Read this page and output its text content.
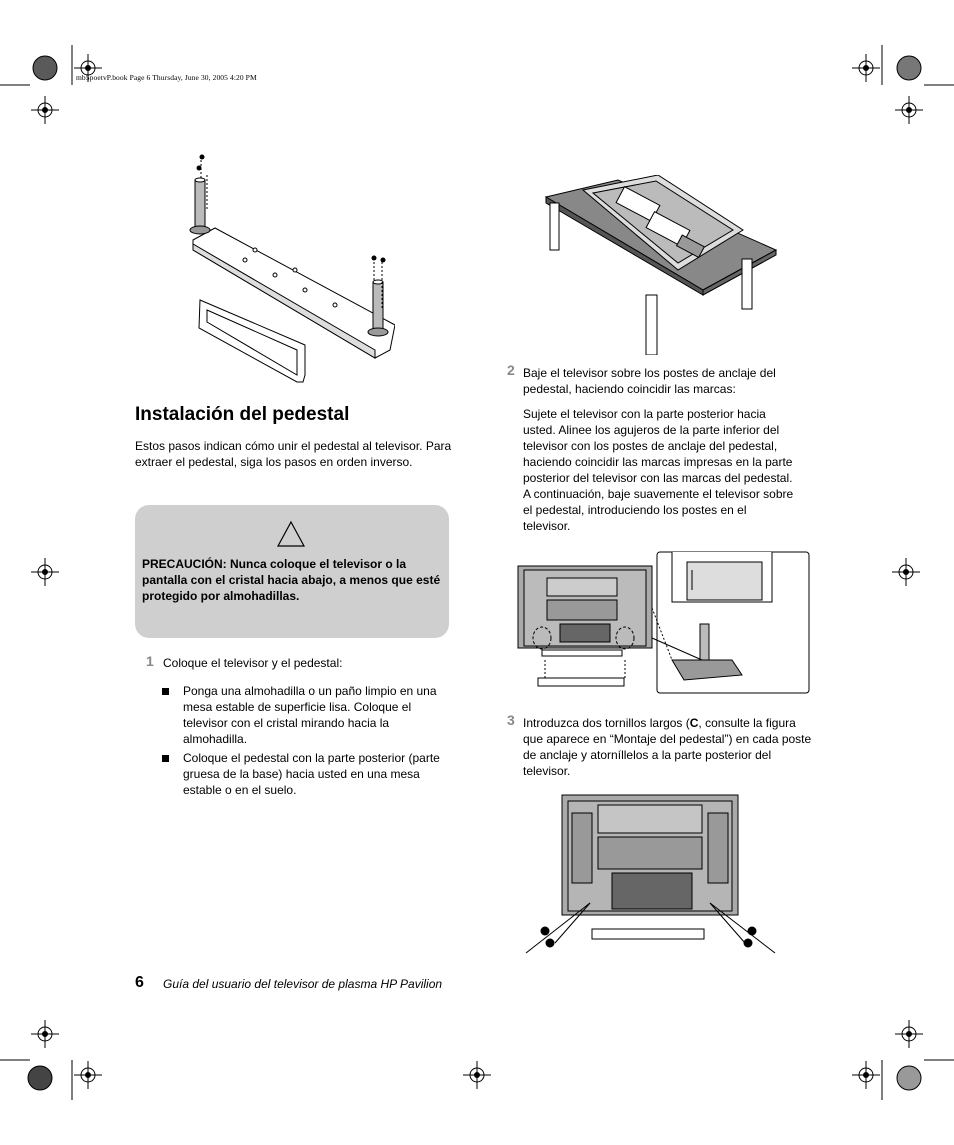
mb5poetvP.book Page 6 Thursday, June 30, 2005 4:20 PM
Instalación del pedestal
Estos pasos indican cómo unir el pedestal al televisor. Para extraer el pedestal, siga los pasos en orden inverso.
PRECAUCIÓN: Nunca coloque el televisor o la pantalla con el cristal hacia abajo, a menos que esté protegido por almohadillas.
1 Coloque el televisor y el pedestal:
Ponga una almohadilla o un paño limpio en una mesa estable de superficie lisa. Coloque el televisor con el cristal mirando hacia la almohadilla.
Coloque el pedestal con la parte posterior (parte gruesa de la base) hacia usted en una mesa estable o en el suelo.
2 Baje el televisor sobre los postes de anclaje del pedestal, haciendo coincidir las marcas:
Sujete el televisor con la parte posterior hacia usted. Alinee los agujeros de la parte inferior del televisor con los postes de anclaje del pedestal, haciendo coincidir las marcas impresas en la parte posterior del televisor con las marcas del pedestal. A continuación, baje suavemente el televisor sobre el pedestal, introduciendo los postes en el televisor.
3 Introduzca dos tornillos largos (C, consulte la figura que aparece en “Montaje del pedestal”) en cada poste de anclaje y atorníllelos a la parte posterior del televisor.
6 Guía del usuario del televisor de plasma HP Pavilion
